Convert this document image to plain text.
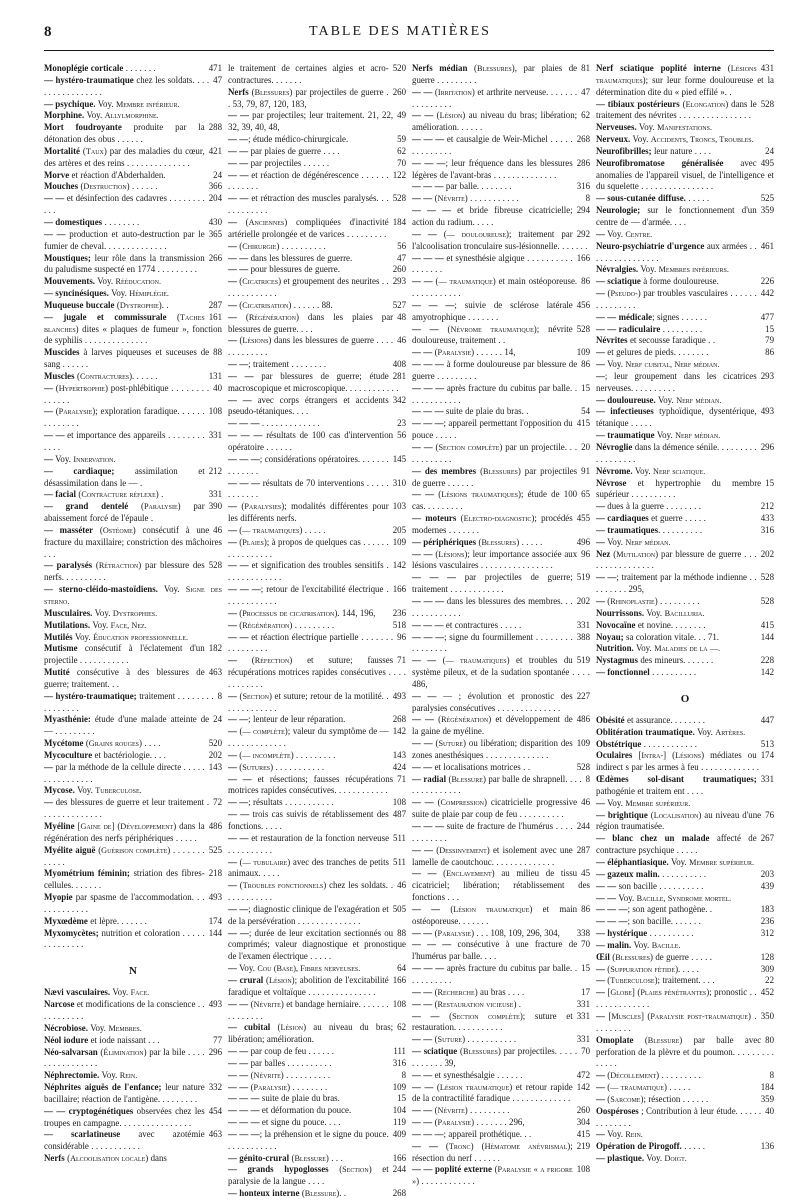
8	TABLE DES MATIÈRES
471
Monoplégie corticale . . . . . . .
47
— hystéro-traumatique chez les soldats. . . . . . . . . . . . . . . . .
— psychique. Voy. Membre inférieur.
Morphine. Voy. Allylmorphine.
288
Mort foudroyante produite par la détonation des obus . . . . . .
421
Mortalité (Taux) par des maladies du cœur, des artères et des reins . . . . . . . . . . . . . .
24
Morve et réaction d'Abderhalden.
366
Mouches (Destruction) . . . . . .
204
— — et désinfection des cadavres . . . . . . . . . . .
430
— domestiques . . . . . . . .
365
— — production et auto-destruction par le fumier de cheval. . . . . . . . . . . . . .
266
Moustiques; leur rôle dans la transmission du paludisme suspecté en 1774 . . . . . . . . .
Mouvements. Voy. Rééducation.
— syncinésiques. Voy. Hémiplégie.
287
Muqueuse buccale (Dystrophie). .
161
— jugale et commissurale (Taches blanches) dites « plaques de fumeur », fonction de syphilis . . . . . . . . . . . . . .
88
Muscides à larves piqueuses et suceuses de sang . . . . . .
131
Muscles (Contractures). . . . . .
40
— (Hypertrophie) post-phlébitique . . . . . . . . . . . . . .
108
— (Paralysie); exploration faradique. . . . . . . . . . . . . .
331
— — et importance des appareils . . . . . . . . . . . .
— Voy. Innervation.
212
— cardiaque; assimilation et désassimilation dans le — .
331
— facial (Contracture réflexe) .
390
— grand dentelé (Paralysie) par abaissement forcé de l'épaule .
46
— masséter (Ostéome) consécutif à une fracture du maxillaire; constriction des mâchoires . . .
528
— paralysés (Rétraction) par blessure des nerfs. . . . . . . . . .
— sterno-cléido-mastoïdiens. Voy. Signe des sterno.
Musculaires. Voy. Dystrophies.
Mutilations. Voy. Face, Nez.
Mutilés Voy. Éducation professionnelle.
182
Mutisme consécutif à l'éclatement d'un projectile . . . . . . . . . . .
463
Mutité consécutive à des blessures de guerre; traitement. . .
8
— hystéro-traumatique; traitement . . . . . . . . . . . . . . . .
24
Myasthénie: étude d'une malade atteinte de — . . . . . . . . .
520
Mycétome (Grains rouges) . . . .
202
Mycoculture et bactériologie. . . .
143
— par la méthode de la cellule directe . . . . . . . . . . . . . . . .
Mycose. Voy. Tuberculose.
72
— des blessures de guerre et leur traitement . . . . . . . . . . . . . .
486
Myéline [Gaine de] (Développement) dans la régénération des nerfs périphériques . . . . .
525
Myélite aiguë (Guérison complète) . . . . . . . . . . . .
218
Myométrium féminin; striation des fibres-cellules. . . . . . .
493
Myopie par spasme de l'accommodation. . . . . . . . . . . . .
174
Myxœdème et lèpre. . . . . . .
144
Myxomycètes; nutrition et coloration . . . . . . . . . . . . . .
N
Nævi vasculaires. Voy. Face.
493
Narcose et modifications de la conscience . . . . . . . . . . .
Nécrobiose. Voy. Membres.
77
Néol iodure et iode naissant . . .
296
Néo-salvarsan (Élimination) par la bile . . . . . . . . . . . . . . . .
Néphrectomie. Voy. Rein.
332
Néphrites aiguës de l'enfance; leur nature bacillaire; réaction de l'antigène. . . . . . . . .
454
— — cryptogénétiques observées chez les troupes en campagne. . . . . . . . . . . . . . . .
463
— scarlatineuse avec azotémie considérable . . . . . . . . . . .
Nerfs (Alcoolisation locale) dans
520
le traitement de certaines algies et acro-contractures. . . . . . .
260
Nerfs (Blessures) par projectiles de guerre . . 53, 79, 87, 120, 183,
49
— — par projectiles; leur traitement. 21, 22, 32, 39, 40, 48,
59
— —; étude médico-chirurgicale.
62
— — par plaies de guerre . . . .
70
— — par projectiles . . . . . .
122
— — et réaction de dégénérescence . . . . . . . . . . . . .
528
— — et rétraction des muscles paralysés. . . . . . . . . . . .
184
— (Anciennes) compliquées d'inactivité artérielle prolongée et de varices . . . . . . . . .
56
— (Chirurgie) . . . . . . . . . .
47
— — dans les blessures de guerre.
260
— — pour blessures de guerre.
293
— (Cicatrices) et groupement des neurites . . . . . . . . . . . . .
527
— (Cicatrisation) . . . . . . 88.
48
— (Régénération) dans les plaies par blessures de guerre. . . .
46
— (Lésions) dans les blessures de guerre . . . . . . . . . . . . .
408
— —; traitement . . . . . . . .
281
— — par blessures de guerre; étude macroscopique et microscopique. . . . . . . . . . . .
342
— — avec corps étrangers et accidents pseudo-tétaniques. . . .
23
— — — . . . . . . . . . . . . .
56
— — — résultats de 100 cas d'intervention opératoire . . . . . .
145
— — —; considérations opératoires. . . . . . . . . . . . . .
310
— — — résultats de 70 interventions . . . . . . . . . . . .
103
— (Paralysies); modalités différentes pour les différents nerfs.
205
— (— traumatiques) . . . . .
109
— (Plaies); à propos de quelques cas . . . . . . . . . . . . . . . .
142
— — et signification des troubles sensitifs . . . . . . . . . . . . .
166
— — —; retour de l'excitabilité électrique . . . . . . . . . . . .
236
— (Processus de cicatrisation). 144, 196,
518
— (Régénération) . . . . . . . . .
96
— — et réaction électrique partielle . . . . . . . . . . . . . . . .
71
— (Réfection) et suture; fausses récupérations motrices rapides consécutives . . . . . . . . . . . .
493
— (Section) et suture; retour de la motilité. . . . . . . . . . . . .
268
— —; lenteur de leur réparation.
142
— (— complète); valeur du symptôme de — . . . . . . . . . . . . .
143
— (— incomplète) . . . . . . . . .
424
— (Sutures) . . . . . . . . . . .
71
— — et résections; fausses récupérations motrices rapides consécutives. . . . . . . . . . . .
108
— —; résultats . . . . . . . . . . .
487
— — trois cas suivis de rétablissement des fonctions. . . . .
511
— — et restauration de la fonction nerveuse . . . . . . . . . .
511
— (— tubulaire) avec des tranches de petits animaux. . . . .
46
— (Troubles fonctionnels) chez les soldats. . . . . . . . . . . .
505
— —; diagnostic clinique de l'exagération et de la persévération . . . . . . . . . . . . . .
88
— —; durée de leur excitation sectionnés ou comprimés; valeur diagnostique et pronostique de l'examen électrique . . . . .
64
— Voy. Cou (Base), Fibres nerveuses.
166
— crural (Lésion); abolition de l'excitabilité faradique et voltaïque . . . . . . . . . . . . . . .
108
— — (Névrite) et bandage herniaire. . . . . . . . . . . . . . .
62
— cubital (Lésion) au niveau du bras; libération; amélioration.
111
— — par coup de feu . . . . . .
316
— — par balles . . . . . . . . . .
8
— — (Névrite) . . . . . . . . . .
109
— — (Paralysie) . . . . . . . .
15
— — — suite de plaie du bras.
104
— — — et déformation du pouce.
119
— — — et signe du pouce. . . .
409
— — —; la préhension et le signe du pouce. . . . . . . . . . . .
166
— génito-crural (Blessure) . . .
244
— grands hypoglosses (Section) et paralysie de la langue . . . .
268
— honteux interne (Blessure). .
81
Nerfs médian (Blessures), par plaies de guerre . . . . . . . . .
47
— — (Irritation) et arthrite nerveuse. . . . . . . . . . . . . . . .
62
— — (Lésion) au niveau du bras; libération; amélioration. . . . . .
268
— — — et causalgie de Weir-Michel . . . . . . . . . . . . . .
286
— — —; leur fréquence dans les blessures légères de l'avant-bras . . . . . . . . . . . . . .
316
— — — par balle. . . . . . . .
8
— — (Névrite) . . . . . . . . . . .
294
— — — et bride fibreuse cicatricielle; action du radium. . . . .
292
— — (— douloureuse); traitement par l'alcoolisation tronculaire sus-lésionnelle. . . . . . .
166
— — — et synesthésie algique . . . . . . . . . . . . . . . . .
86
— — (— traumatique) et main ostéoporeuse. . . . . . . . . . . .
456
— — —; suivie de sclérose latérale amyotrophique . . . . . . .
528
— — (Névrome traumatique); névrite douloureuse, traitement . .
109
— — (Paralysie) . . . . . . 14,
86
— — — à forme douloureuse par blessure de guerre . . . . . . . . .
15
— — — après fracture du cubitus par balle. . . . . . . . . . . . .
54
— — — suite de plaie du bras. .
415
— — —; appareil permettant l'opposition du pouce . . . . .
20
— — (Section complète) par un projectile. . . . . . . . . . . .
91
— des membres (Blessures) par projectiles de guerre . . . . . .
65
— — (Lésions traumatiques); étude de 100 cas. . . . . . . . .
455
— moteurs (Electro-diagnostic); procédés modernes . . . . . . .
496
— périphériques (Blessures) . . . . .
96
— — (Lésions); leur importance associée aux lésions vasculaires . . . . . . . . . . . . . . . .
519
— — — par projectiles de guerre; traitement . . . . . . . . . . . .
202
— — — dans les blessures des membres. . . . . . . . . . . . . .
331
— — — et contractures . . . . .
388
— — —; signe du fourmillement . . . . . . . . . . . . . . . .
519
— — (— traumatiques) et troubles du système pileux, et de la sudation spontanée . . . . 486,
227
— — — ; évolution et pronostic des paralysies consécutives . . . . . . . . . . . . . .
486
— — (Régénération) et développement de la gaine de myéline.
109
— — (Suture) ou libération; disparition des zones anesthésiques . . . . . . . . . . . . . .
528
— — et localisations motrices . .
8
— radial (Blessure) par balle de shrapnell. . . . . . . . . . . . . . .
46
— — (Compression) cicatricielle progressive suite de plaie par coup de feu . . . . . . . . . .
244
— — — suite de fracture de l'humérus . . . . . . . . . . . .
287
— — (Dessinvement) et isolement avec une lamelle de caoutchouc. . . . . . . . . . . . . .
45
— — (Enclavement) au milieu de tissu cicatriciel; libération; rétablissement des fonctions . . .
86
— — (Lésion traumatique) et main ostéoporeuse. . . . . . .
338
— — (Paralysie) . . . 108, 109, 296, 304,
70
— — — consécutive à une fracture de l'humérus par balle. . . .
15
— — — après fracture du cubitus par balle. . . . . . . . . . .
17
— — (Recherche) au bras . . . .
331
— — (Restauration vicieuse) .
331
— — (Section complète); suture et restauration. . . . . . . . . . .
331
— — (Suture) . . . . . . . . . . .
70
— sciatique (Blessures) par projectiles. . . . . . . . . . . . 39,
472
— — et synesthésalgie . . . . . .
142
— — (Lésion traumatique) et retour rapide de la contractilité faradique . . . . . . . . . . . . .
260
— — (Névrite) . . . . . . . . .
304
— — (Paralysie) . . . . . . . 296,
415
— — —; appareil prothétique. . .
219
— — (Tronc) (Hématome anévrismal); résection du nerf . . . . . .
108
— — poplité externe (Paralysie « a frigore ») . . . . . . . . . . . .
431
Nerf sciatique poplité interne (Lésions traumatiques); sur leur forme douloureuse et la détermination dite du « pied effilé ». .
528
— tibiaux postérieurs (Elongation) dans le traitement des névrites . . . . . . . . . . . . . . . .
Nerveuses. Voy. Manifestations.
Nerveux. Voy. Accidents, Troncs, Troubles.
24
Neurofibrilles; leur nature . . . .
495
Neurofibromatose généralisée avec anomalies de l'appareil visuel, de l'intelligence et du squelette . . . . . . . . . . . . . . . .
525
— sous-cutanée diffuse. . . . . .
359
Neurologie; sur le fonctionnement d'un centre de — d'armée. . . .
— Voy. Centre.
461
Neuro-psychiatrie d'urgence aux armées . . . . . . . . . . . . . . . .
Névralgies. Voy. Membres inférieurs.
226
— sciatique à forme douloureuse.
442
— (Pseudo-) par troubles vasculaires . . . . . . . . . . . . . . .
477
— — médicale; signes . . . . . .
15
— — radiculaire . . . . . . . . .
79
Névrites et secousse faradique . .
86
— et gelures de pieds. . . . . . . .
— Voy. Nerf cubital, Nerf médian.
293
—; leur groupement dans les cicatrices nerveuses. . . . . . . . . .
— douloureuse. Voy. Nerf médian.
493
— infectieuses typhoïdique, dysentérique, tétanique . . . . .
— traumatique Voy. Nerf médian.
296
Névroglie dans la démence sénile. . . . . . . . . . . . . . . . . .
Névrome. Voy. Nerf sciatique.
15
Névrose et hypertrophie du membre supérieur . . . . . . . . . .
212
— dues à la guerre . . . . . . . .
433
— cardiaques et guerre . . . . .
316
— traumatiques. . . . . . . . . .
— Voy. Nerf médian.
202
Nez (Mutilation) par blessure de guerre . . . . . . . . . . . . . . . .
528
— —; traitement par la méthode indienne . . . . . . . . . 295,
528
— (Rhinoplastie) . . . . . . . . .
Nourrissons. Voy. Bacilluria.
415
Novocaïne et novine. . . . . . . .
144
Noyau; sa coloration vitale. . . 71.
Nutrition. Voy. Maladies de la —.
228
Nystagmus des mineurs. . . . . . .
142
— fonctionnel . . . . . . . . . .
O
447
Obésité et assurance. . . . . . . .
Oblitération traumatique. Voy. Artères.
513
Obstétrique . . . . . . . . . . . .
174
Oculaires [Intra-] (Lésions) médiates ou indirect s par les armes à feu . . . . . . . . . . . . .
331
Œdèmes sol-disant traumatiques; pathogénie et traitem ent . . . .
— Voy. Membre supérieur.
76
— brightique (Localisation) au niveau d'une région traumatisée.
267
— blanc chez un malade affecté de contracture psychique . . . . .
— éléphantiasique. Voy. Membre supérieur.
203
— gazeux malin. . . . . . . . . . .
439
— — son bacille . . . . . . . . . .
— — Voy. Bacille, Syndrome mortel.
183
— — —; son agent pathogène. .
236
— — —; son bacille. . . . . . .
312
— hystérique . . . . . . . . . .
— malin. Voy. Bacille.
128
Œil (Blessures) de guerre . . . . .
309
— (Suppuration fétide). . . . .
22
— (Tuberculose); traitement. . . .
452
— [Globe] (Plaies pénétrantes); pronostic . . . . . . . . . . . . . .
350
— [Muscles] (Paralysie post-traumatique) . . . . . . . . .
80
Omoplate (Blessure) par balle avec perforation de la plèvre et du poumon. . . . . . . . . . . . . .
8
— (Décollement) . . . . . . . . .
184
— (— traumatique) . . . . .
359
— (Sarcome); résection . . . . . .
40
Oospéroses ; Contribution à leur étude. . . . . . . . . . . . . .
— Voy. Rein.
136
Opération de Pirogoff. . . . . .
— plastique. Voy. Doigt.
